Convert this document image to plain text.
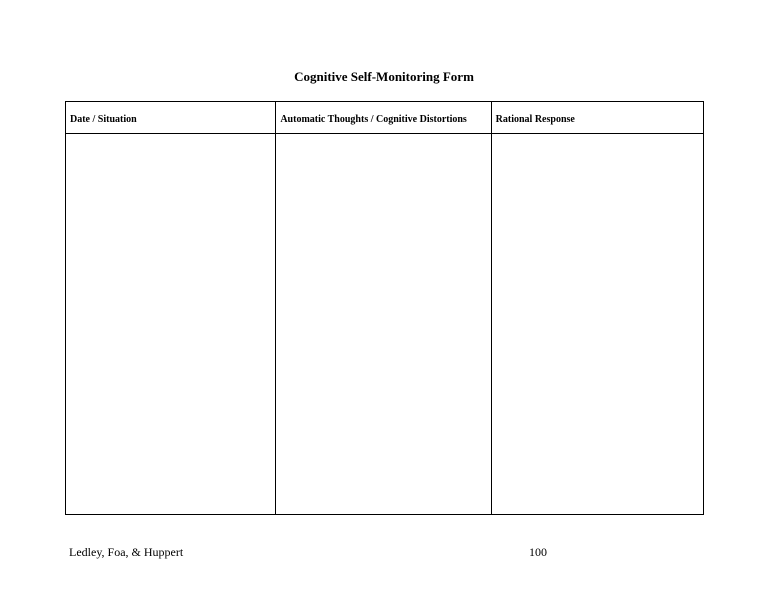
Cognitive Self-Monitoring Form
Date / Situation	Automatic Thoughts / Cognitive Distortions	Rational Response

Ledley, Foa, & Huppert	100
